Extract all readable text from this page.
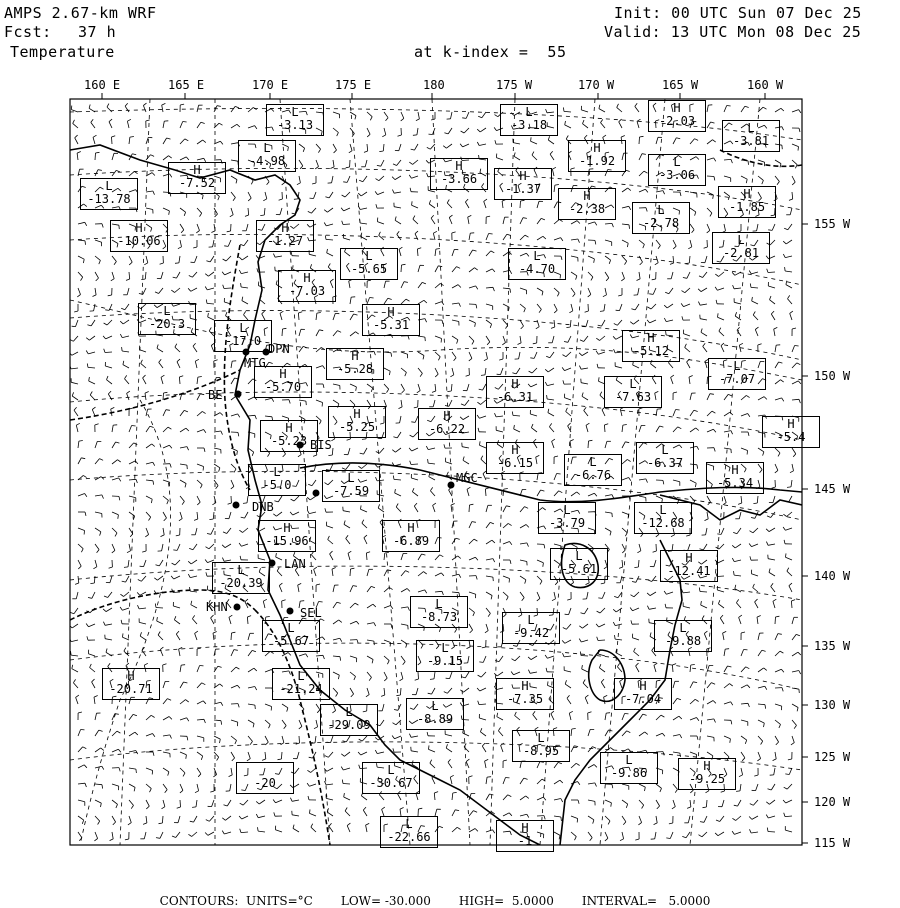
AMPS 2.67-km WRF
Fcst: 37 h
Temperature
Init: 00 UTC Sun 07 Dec 25
Valid: 13 UTC Mon 08 Dec 25
at k-index =  55
160 E	165 E	170 E	175 E	180	175 W	170 W	165 W	160 W
155 W
150 W
145 W
140 W
135 W
130 W
125 W
120 W
115 W
DPN
MTG
BIS
DNB
LAN
KHN	SEL
MGC
BE
L
-13.78
H
-7.52
L
-4.98
L
-3.13
L
-3.18
H
-2.03	L
-3.81
H
-1.92
H
-3.66	H
-1.37
L
-3.06
H
-2.38
H
-1.85
L
-2.78
L
-2.81
H
-10.06
H
-1.27
L
-5.65
L
-4.70
H
-7.03
L
-20.3	L
-17.0
H
-5.31
H
-5.12
H
-5.28	L
-7.07
H
-6.31
L
-7.63
H
-5.70
H
-5.25
H
-6.22	H
-5.4
H
-5.23
H
-6.15	L
-6.76
L
-6.37	H
-5.34
L
-5.0	L
-7.59
L
-3.79
L
-12.68
H
-6.89
H
-15.96
L
-5.61
H
-12.41
L
-20.39
L
-8.73	L
-9.42
L
-5.67	L
-9.15
L
-9.88
H
-20.71
L
-21.24	H
-7.35
H
-7.04
L
-8.89
L
-29.09
L
-8.95
L
-9.86	H
-9.25
-20
L
-30.67
L
-22.66
H
-1

CONTOURS:  UNITS=°C LOW= -30.000 HIGH=  5.0000 INTERVAL=   5.0000
